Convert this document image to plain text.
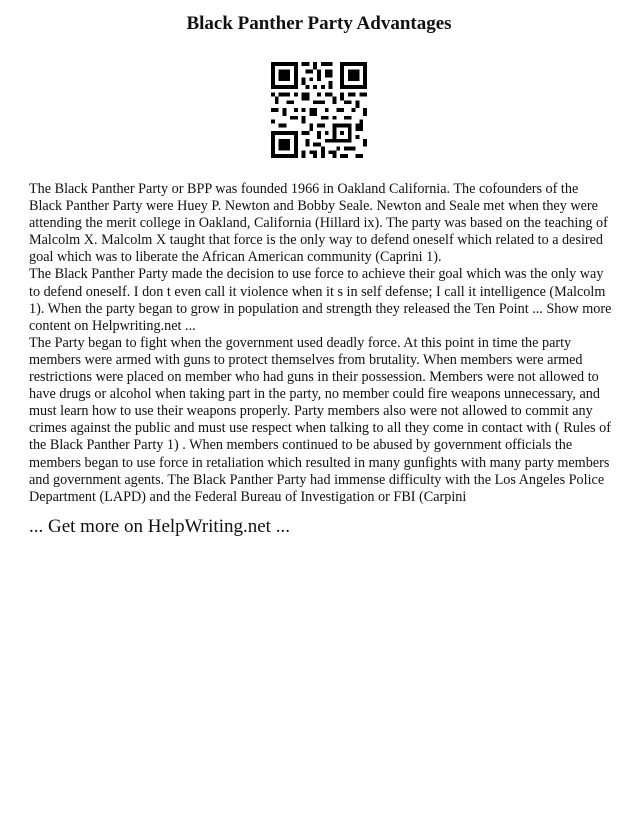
Black Panther Party Advantages

The Black Panther Party or BPP was founded 1966 in Oakland California. The cofounders of the Black Panther Party were Huey P. Newton and Bobby Seale. Newton and Seale met when they were attending the merit college in Oakland, California (Hillard ix). The party was based on the teaching of Malcolm X. Malcolm X taught that force is the only way to defend oneself which related to a desired goal which was to liberate the African American community (Caprini 1).

The Black Panther Party made the decision to use force to achieve their goal which was the only way to defend oneself. I don t even call it violence when it s in self defense; I call it intelligence (Malcolm 1). When the party began to grow in population and strength they released the Ten Point ... Show more content on Helpwriting.net ...

The Party began to fight when the government used deadly force. At this point in time the party members were armed with guns to protect themselves from brutality. When members were armed restrictions were placed on member who had guns in their possession. Members were not allowed to have drugs or alcohol when taking part in the party, no member could fire weapons unnecessary, and must learn how to use their weapons properly. Party members also were not allowed to commit any crimes against the public and must use respect when talking to all they come in contact with ( Rules of the Black Panther Party 1) . When members continued to be abused by government officials the members began to use force in retaliation which resulted in many gunfights with many party members and government agents. The Black Panther Party had immense difficulty with the Los Angeles Police Department (LAPD) and the Federal Bureau of Investigation or FBI (Carpini

... Get more on HelpWriting.net ...
